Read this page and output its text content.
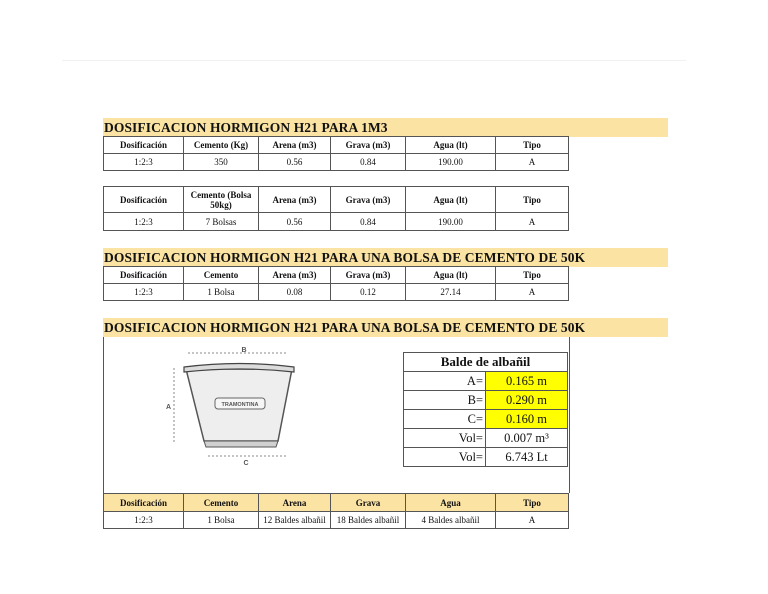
DOSIFICACION HORMIGON H21 PARA 1M3
Dosificación	Cemento (Kg)	Arena (m3)	Grava (m3)	Agua (lt)	Tipo
1:2:3	350	0.56	0.84	190.00	A
Dosificación	Cemento (Bolsa 50kg)	Arena (m3)	Grava (m3)	Agua (lt)	Tipo
1:2:3	7 Bolsas	0.56	0.84	190.00	A
DOSIFICACION HORMIGON H21 PARA UNA BOLSA DE CEMENTO DE 50K
Dosificación	Cemento	Arena (m3)	Grava (m3)	Agua (lt)	Tipo
1:2:3	1 Bolsa	0.08	0.12	27.14	A
DOSIFICACION HORMIGON H21 PARA UNA BOLSA DE CEMENTO DE 50K
B
A
C
TRAMONTINA
Balde de albañil	
A=	0.165 m
B=	0.290 m
C=	0.160 m
Vol=	0.007 m³
Vol=	6.743 Lt
Dosificación	Cemento	Arena	Grava	Agua	Tipo
1:2:3	1 Bolsa	12 Baldes albañil	18 Baldes albañil	4 Baldes albañil	A
